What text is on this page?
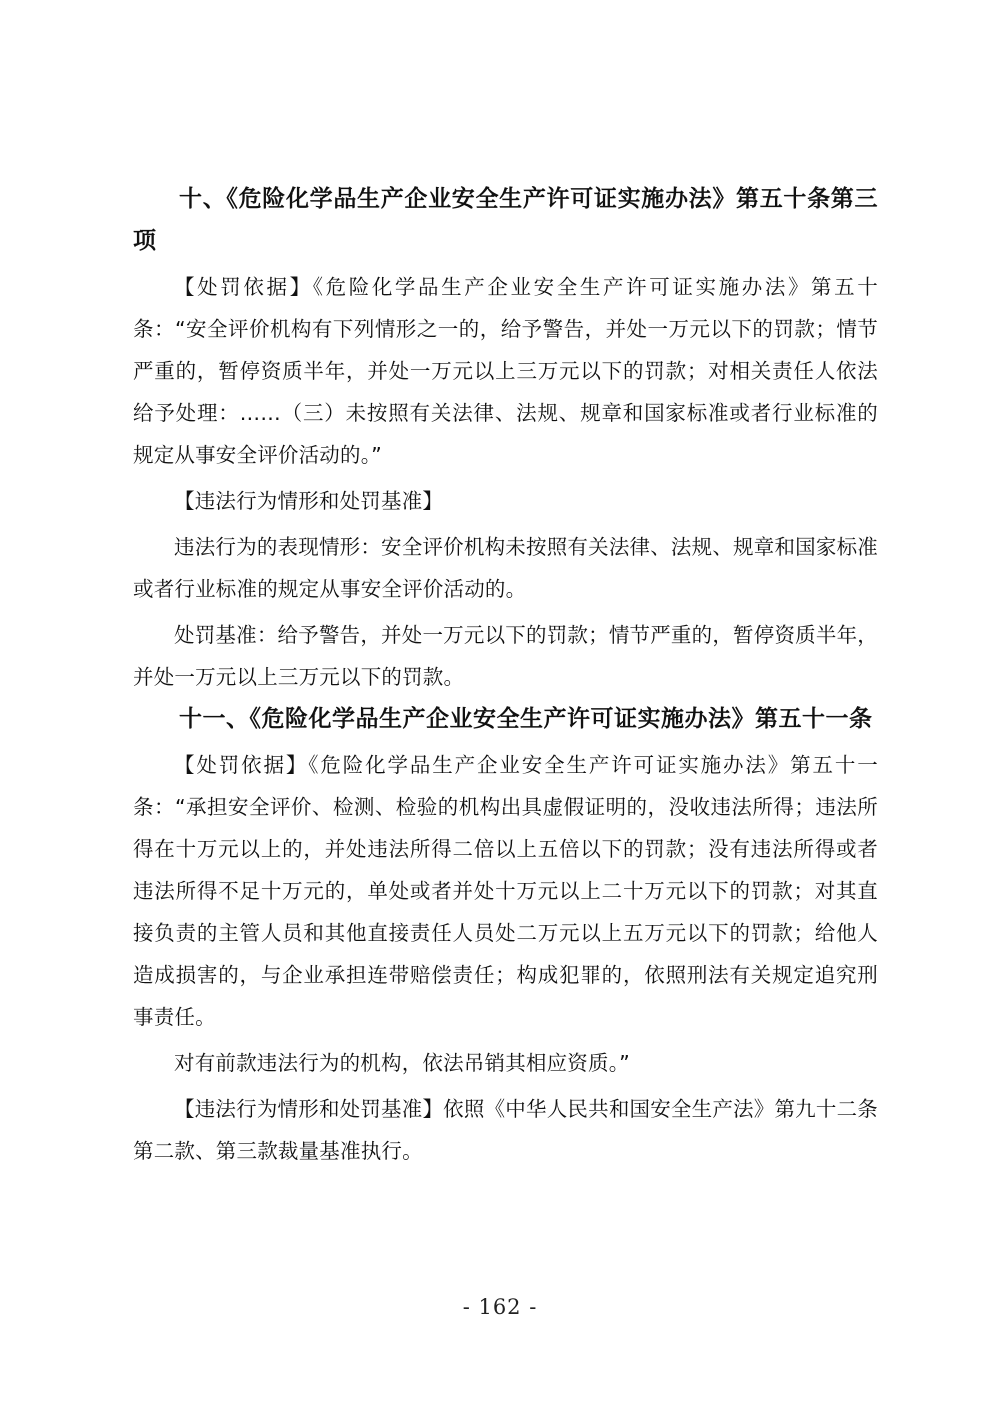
十、《危险化学品生产企业安全生产许可证实施办法》第五十条第三项

【处罚依据】《危险化学品生产企业安全生产许可证实施办法》第五十条：“安全评价机构有下列情形之一的，给予警告，并处一万元以下的罚款；情节严重的，暂停资质半年，并处一万元以上三万元以下的罚款；对相关责任人依法给予处理：……（三）未按照有关法律、法规、规章和国家标准或者行业标准的规定从事安全评价活动的。”

【违法行为情形和处罚基准】

违法行为的表现情形：安全评价机构未按照有关法律、法规、规章和国家标准或者行业标准的规定从事安全评价活动的。

处罚基准：给予警告，并处一万元以下的罚款；情节严重的，暂停资质半年，并处一万元以上三万元以下的罚款。

十一、《危险化学品生产企业安全生产许可证实施办法》第五十一条

【处罚依据】《危险化学品生产企业安全生产许可证实施办法》第五十一条：“承担安全评价、检测、检验的机构出具虚假证明的，没收违法所得；违法所得在十万元以上的，并处违法所得二倍以上五倍以下的罚款；没有违法所得或者违法所得不足十万元的，单处或者并处十万元以上二十万元以下的罚款；对其直接负责的主管人员和其他直接责任人员处二万元以上五万元以下的罚款；给他人造成损害的，与企业承担连带赔偿责任；构成犯罪的，依照刑法有关规定追究刑事责任。

对有前款违法行为的机构，依法吊销其相应资质。”

【违法行为情形和处罚基准】依照《中华人民共和国安全生产法》第九十二条第二款、第三款裁量基准执行。

- 162 -
